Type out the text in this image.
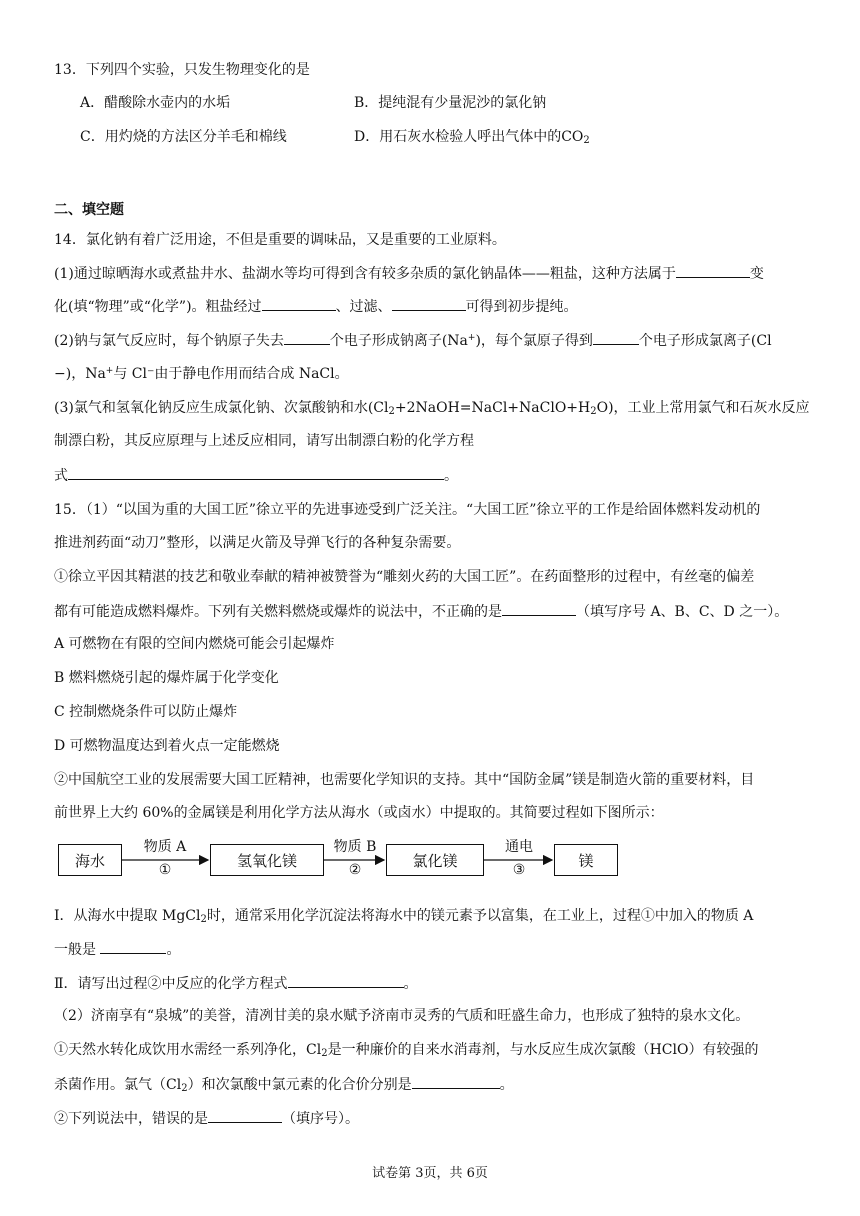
13．下列四个实验，只发生物理变化的是
A．醋酸除水壶内的水垢	B．提纯混有少量泥沙的氯化钠
C．用灼烧的方法区分羊毛和棉线	D．用石灰水检验人呼出气体中的$CO_2$
二、填空题
14．氯化钠有着广泛用途，不但是重要的调味品，又是重要的工业原料。
(1)通过晾晒海水或煮盐井水、盐湖水等均可得到含有较多杂质的氯化钠晶体——粗盐，这种方法属于	变
化(填“物理”或“化学”)。粗盐经过	、过滤、	可得到初步提纯。
(2)钠与氯气反应时，每个钠原子失去	个电子形成钠离子(Na+)，每个氯原子得到	个电子形成氯离子(Cl
−)，Na+与 Cl⁻由于静电作用而结合成 NaCl。
(3)氯气和氢氧化钠反应生成氯化钠、次氯酸钠和水$(Cl_2+2NaOH=NaCl+NaClO+H_2O)$，工业上常用氯气和石灰水反应
制漂白粉，其反应原理与上述反应相同，请写出制漂白粉的化学方程
式	。
15．（1）“以国为重的大国工匠”徐立平的先进事迹受到广泛关注。“大国工匠”徐立平的工作是给固体燃料发动机的
推进剂药面“动刀”整形，以满足火箭及导弹飞行的各种复杂需要。
①徐立平因其精湛的技艺和敬业奉献的精神被赞誉为“雕刻火药的大国工匠”。在药面整形的过程中，有丝毫的偏差
都有可能造成燃料爆炸。下列有关燃料燃烧或爆炸的说法中，不正确的是	（填写序号 A、B、C、D 之一）。
A 可燃物在有限的空间内燃烧可能会引起爆炸
B 燃料燃烧引起的爆炸属于化学变化
C 控制燃烧条件可以防止爆炸
D 可燃物温度达到着火点一定能燃烧
②中国航空工业的发展需要大国工匠精神，也需要化学知识的支持。其中“国防金属”镁是制造火箭的重要材料，目
前世界上大约 60%的金属镁是利用化学方法从海水（或卤水）中提取的。其简要过程如下图所示：
海水
物质 A
①
氢氧化镁
物质 B
②
氯化镁
通电
③
镁
I．从海水中提取 MgCl$_2$时，通常采用化学沉淀法将海水中的镁元素予以富集，在工业上，过程①中加入的物质 A
一般是	。
Ⅱ．请写出过程②中反应的化学方程式	。
（2）济南享有“泉城”的美誉，清冽甘美的泉水赋予济南市灵秀的气质和旺盛生命力，也形成了独特的泉水文化。
①天然水转化成饮用水需经一系列净化，$Cl_2$是一种廉价的自来水消毒剂，与水反应生成次氯酸（HClO）有较强的
杀菌作用。氯气$(Cl_2)$和次氯酸中氯元素的化合价分别是	。
②下列说法中，错误的是	（填序号）。
试卷第 3页，共 6页
